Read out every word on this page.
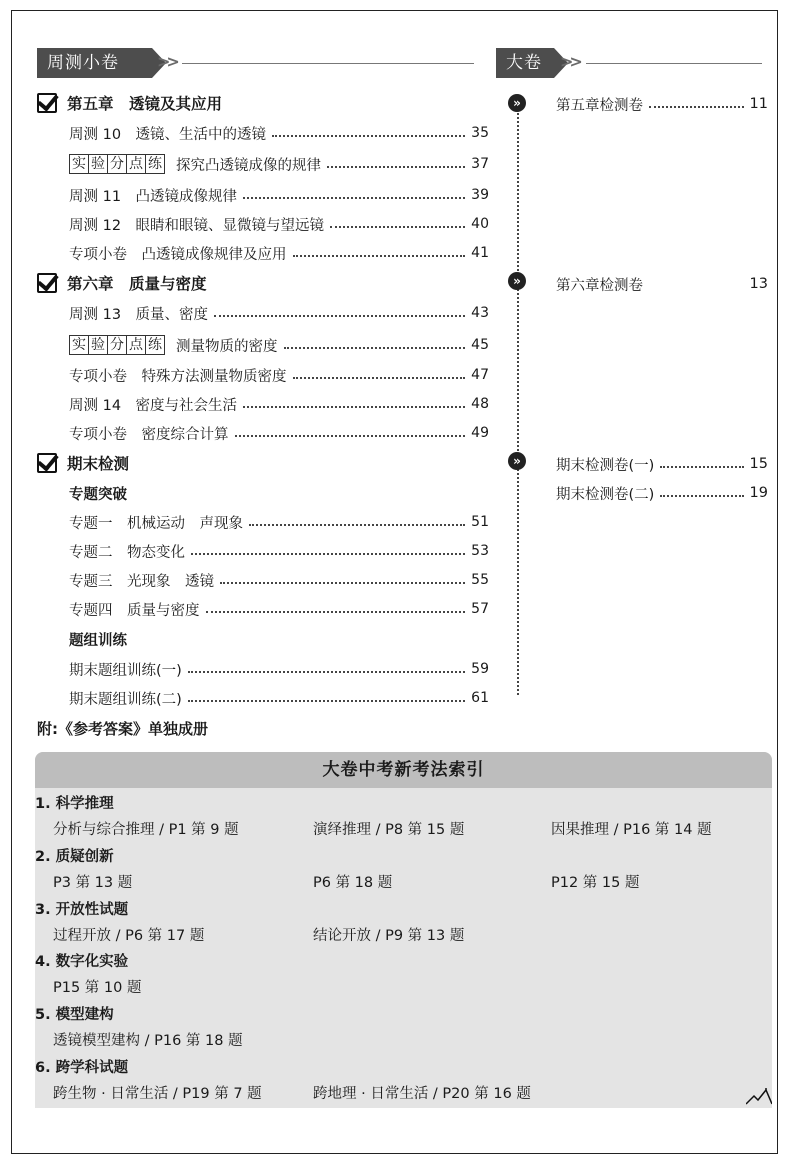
周测小卷	>>	大卷	>>
第五章　透镜及其应用
周测 10　透镜、生活中的透镜	35
实 验 分 点 练 探究凸透镜成像的规律	37
周测 11　凸透镜成像规律	39
周测 12　眼睛和眼镜、显微镜与望远镜	40
专项小卷　凸透镜成像规律及应用	41
第六章　质量与密度
周测 13　质量、密度	43
实 验 分 点 练 测量物质的密度	45
专项小卷　特殊方法测量物质密度	47
周测 14　密度与社会生活	48
专项小卷　密度综合计算	49
期末检测
专题突破
专题一　机械运动　声现象	51
专题二　物态变化	53
专题三　光现象　透镜	55
专题四　质量与密度	57
题组训练
期末题组训练(一)	59
期末题组训练(二)	61
»	第五章检测卷	11
»	第六章检测卷	13
»	期末检测卷(一)	15
期末检测卷(二)	19
附:《参考答案》单独成册
大卷中考新考法索引
1. 科学推理
分析与综合推理 / P1 第 9 题	演绎推理 / P8 第 15 题	因果推理 / P16 第 14 题
2. 质疑创新
P3 第 13 题	P6 第 18 题	P12 第 15 题
3. 开放性试题
过程开放 / P6 第 17 题	结论开放 / P9 第 13 题
4. 数字化实验
P15 第 10 题
5. 模型建构
透镜模型建构 / P16 第 18 题
6. 跨学科试题
跨生物 · 日常生活 / P19 第 7 题	跨地理 · 日常生活 / P20 第 16 题
